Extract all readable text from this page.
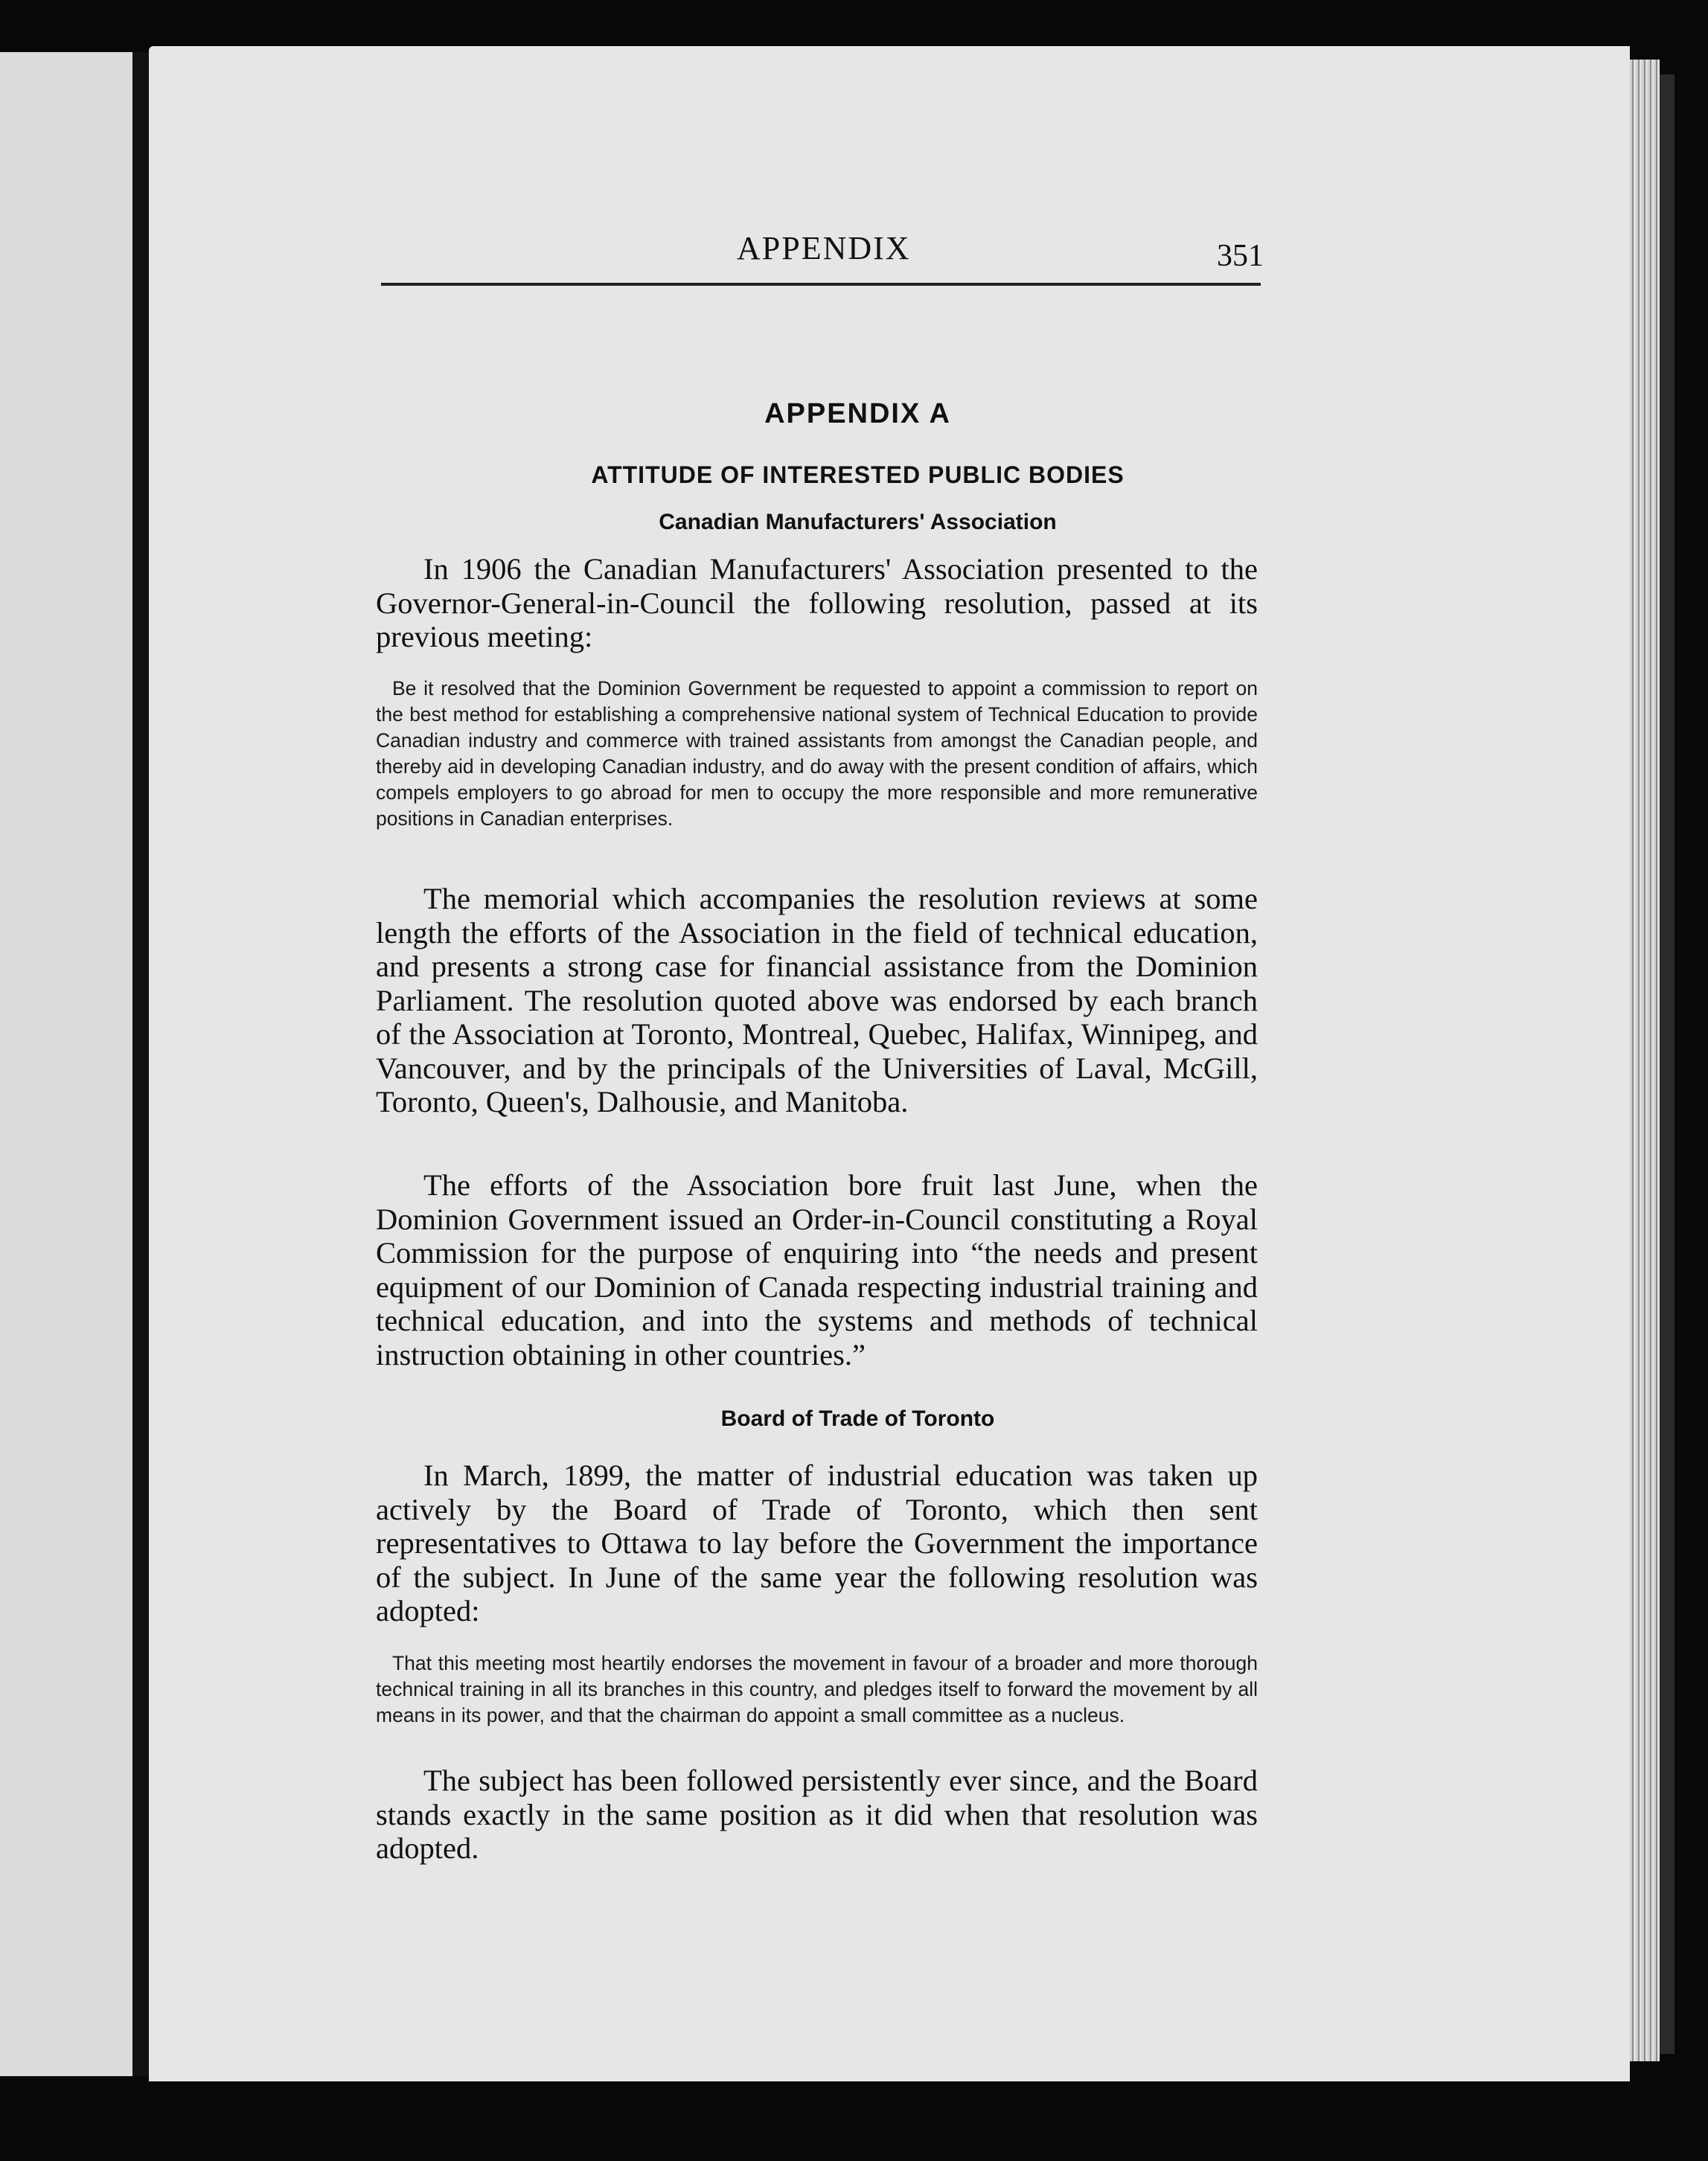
APPENDIX	351
APPENDIX A
ATTITUDE OF INTERESTED PUBLIC BODIES
Canadian Manufacturers' Association

In 1906 the Canadian Manufacturers' Association presented to the Governor-General-in-Council the following resolution, passed at its previous meeting:

Be it resolved that the Dominion Government be requested to appoint a commission to report on the best method for establishing a comprehensive national system of Technical Education to provide Canadian industry and commerce with trained assistants from amongst the Canadian people, and thereby aid in developing Canadian industry, and do away with the present condition of affairs, which compels employers to go abroad for men to occupy the more responsible and more remunerative positions in Canadian enterprises.

The memorial which accompanies the resolution reviews at some length the efforts of the Association in the field of technical education, and presents a strong case for financial assistance from the Dominion Parliament. The resolution quoted above was endorsed by each branch of the Association at Toronto, Montreal, Quebec, Halifax, Winnipeg, and Vancouver, and by the principals of the Universities of Laval, McGill, Toronto, Queen's, Dalhousie, and Manitoba.

The efforts of the Association bore fruit last June, when the Dominion Government issued an Order-in-Council constituting a Royal Commission for the purpose of enquiring into “the needs and present equipment of our Dominion of Canada respecting industrial training and technical education, and into the systems and methods of technical instruction obtaining in other countries.”

Board of Trade of Toronto

In March, 1899, the matter of industrial education was taken up actively by the Board of Trade of Toronto, which then sent representatives to Ottawa to lay before the Government the importance of the subject. In June of the same year the following resolution was adopted:

That this meeting most heartily endorses the movement in favour of a broader and more thorough technical training in all its branches in this country, and pledges itself to forward the movement by all means in its power, and that the chairman do appoint a small committee as a nucleus.

The subject has been followed persistently ever since, and the Board stands exactly in the same position as it did when that resolution was adopted.
